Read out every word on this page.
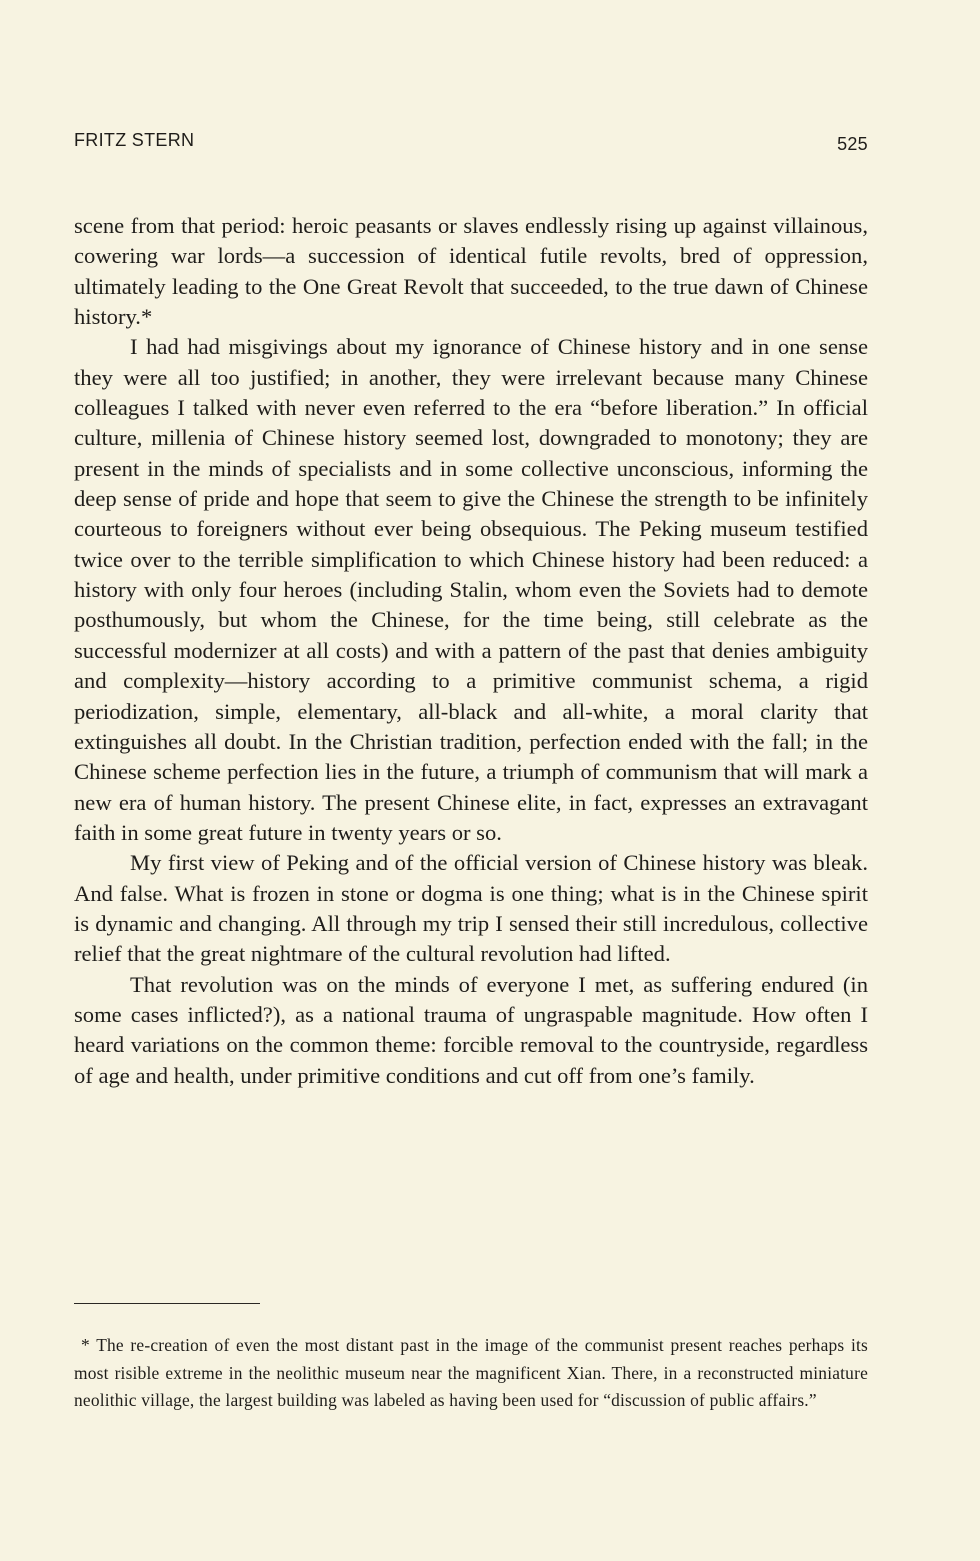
FRITZ STERN	525

scene from that period: heroic peasants or slaves endlessly rising up against villainous, cowering war lords—a succession of identical futile revolts, bred of oppression, ultimately leading to the One Great Revolt that succeeded, to the true dawn of Chinese history.*

I had had misgivings about my ignorance of Chinese history and in one sense they were all too justified; in another, they were irrelevant because many Chinese colleagues I talked with never even referred to the era “before liberation.” In official culture, millenia of Chinese history seemed lost, downgraded to monotony; they are present in the minds of specialists and in some collective unconscious, informing the deep sense of pride and hope that seem to give the Chinese the strength to be infinitely courteous to foreigners without ever being obsequious. The Peking museum testified twice over to the terrible simplification to which Chinese history had been reduced: a history with only four heroes (including Stalin, whom even the Soviets had to demote posthumously, but whom the Chinese, for the time being, still celebrate as the successful modernizer at all costs) and with a pattern of the past that denies ambiguity and complexity—history according to a primitive communist schema, a rigid periodization, simple, elementary, all-black and all-white, a moral clarity that extinguishes all doubt. In the Christian tradition, perfection ended with the fall; in the Chinese scheme perfection lies in the future, a triumph of communism that will mark a new era of human history. The present Chinese elite, in fact, expresses an extravagant faith in some great future in twenty years or so.

My first view of Peking and of the official version of Chinese history was bleak. And false. What is frozen in stone or dogma is one thing; what is in the Chinese spirit is dynamic and changing. All through my trip I sensed their still incredulous, collective relief that the great nightmare of the cultural revolution had lifted.

That revolution was on the minds of everyone I met, as suffering endured (in some cases inflicted?), as a national trauma of ungraspable magnitude. How often I heard variations on the common theme: forcible removal to the countryside, regardless of age and health, under primitive conditions and cut off from one’s family.

* The re-creation of even the most distant past in the image of the communist present reaches perhaps its most risible extreme in the neolithic museum near the magnificent Xian. There, in a reconstructed miniature neolithic village, the largest building was labeled as having been used for “discussion of public affairs.”
